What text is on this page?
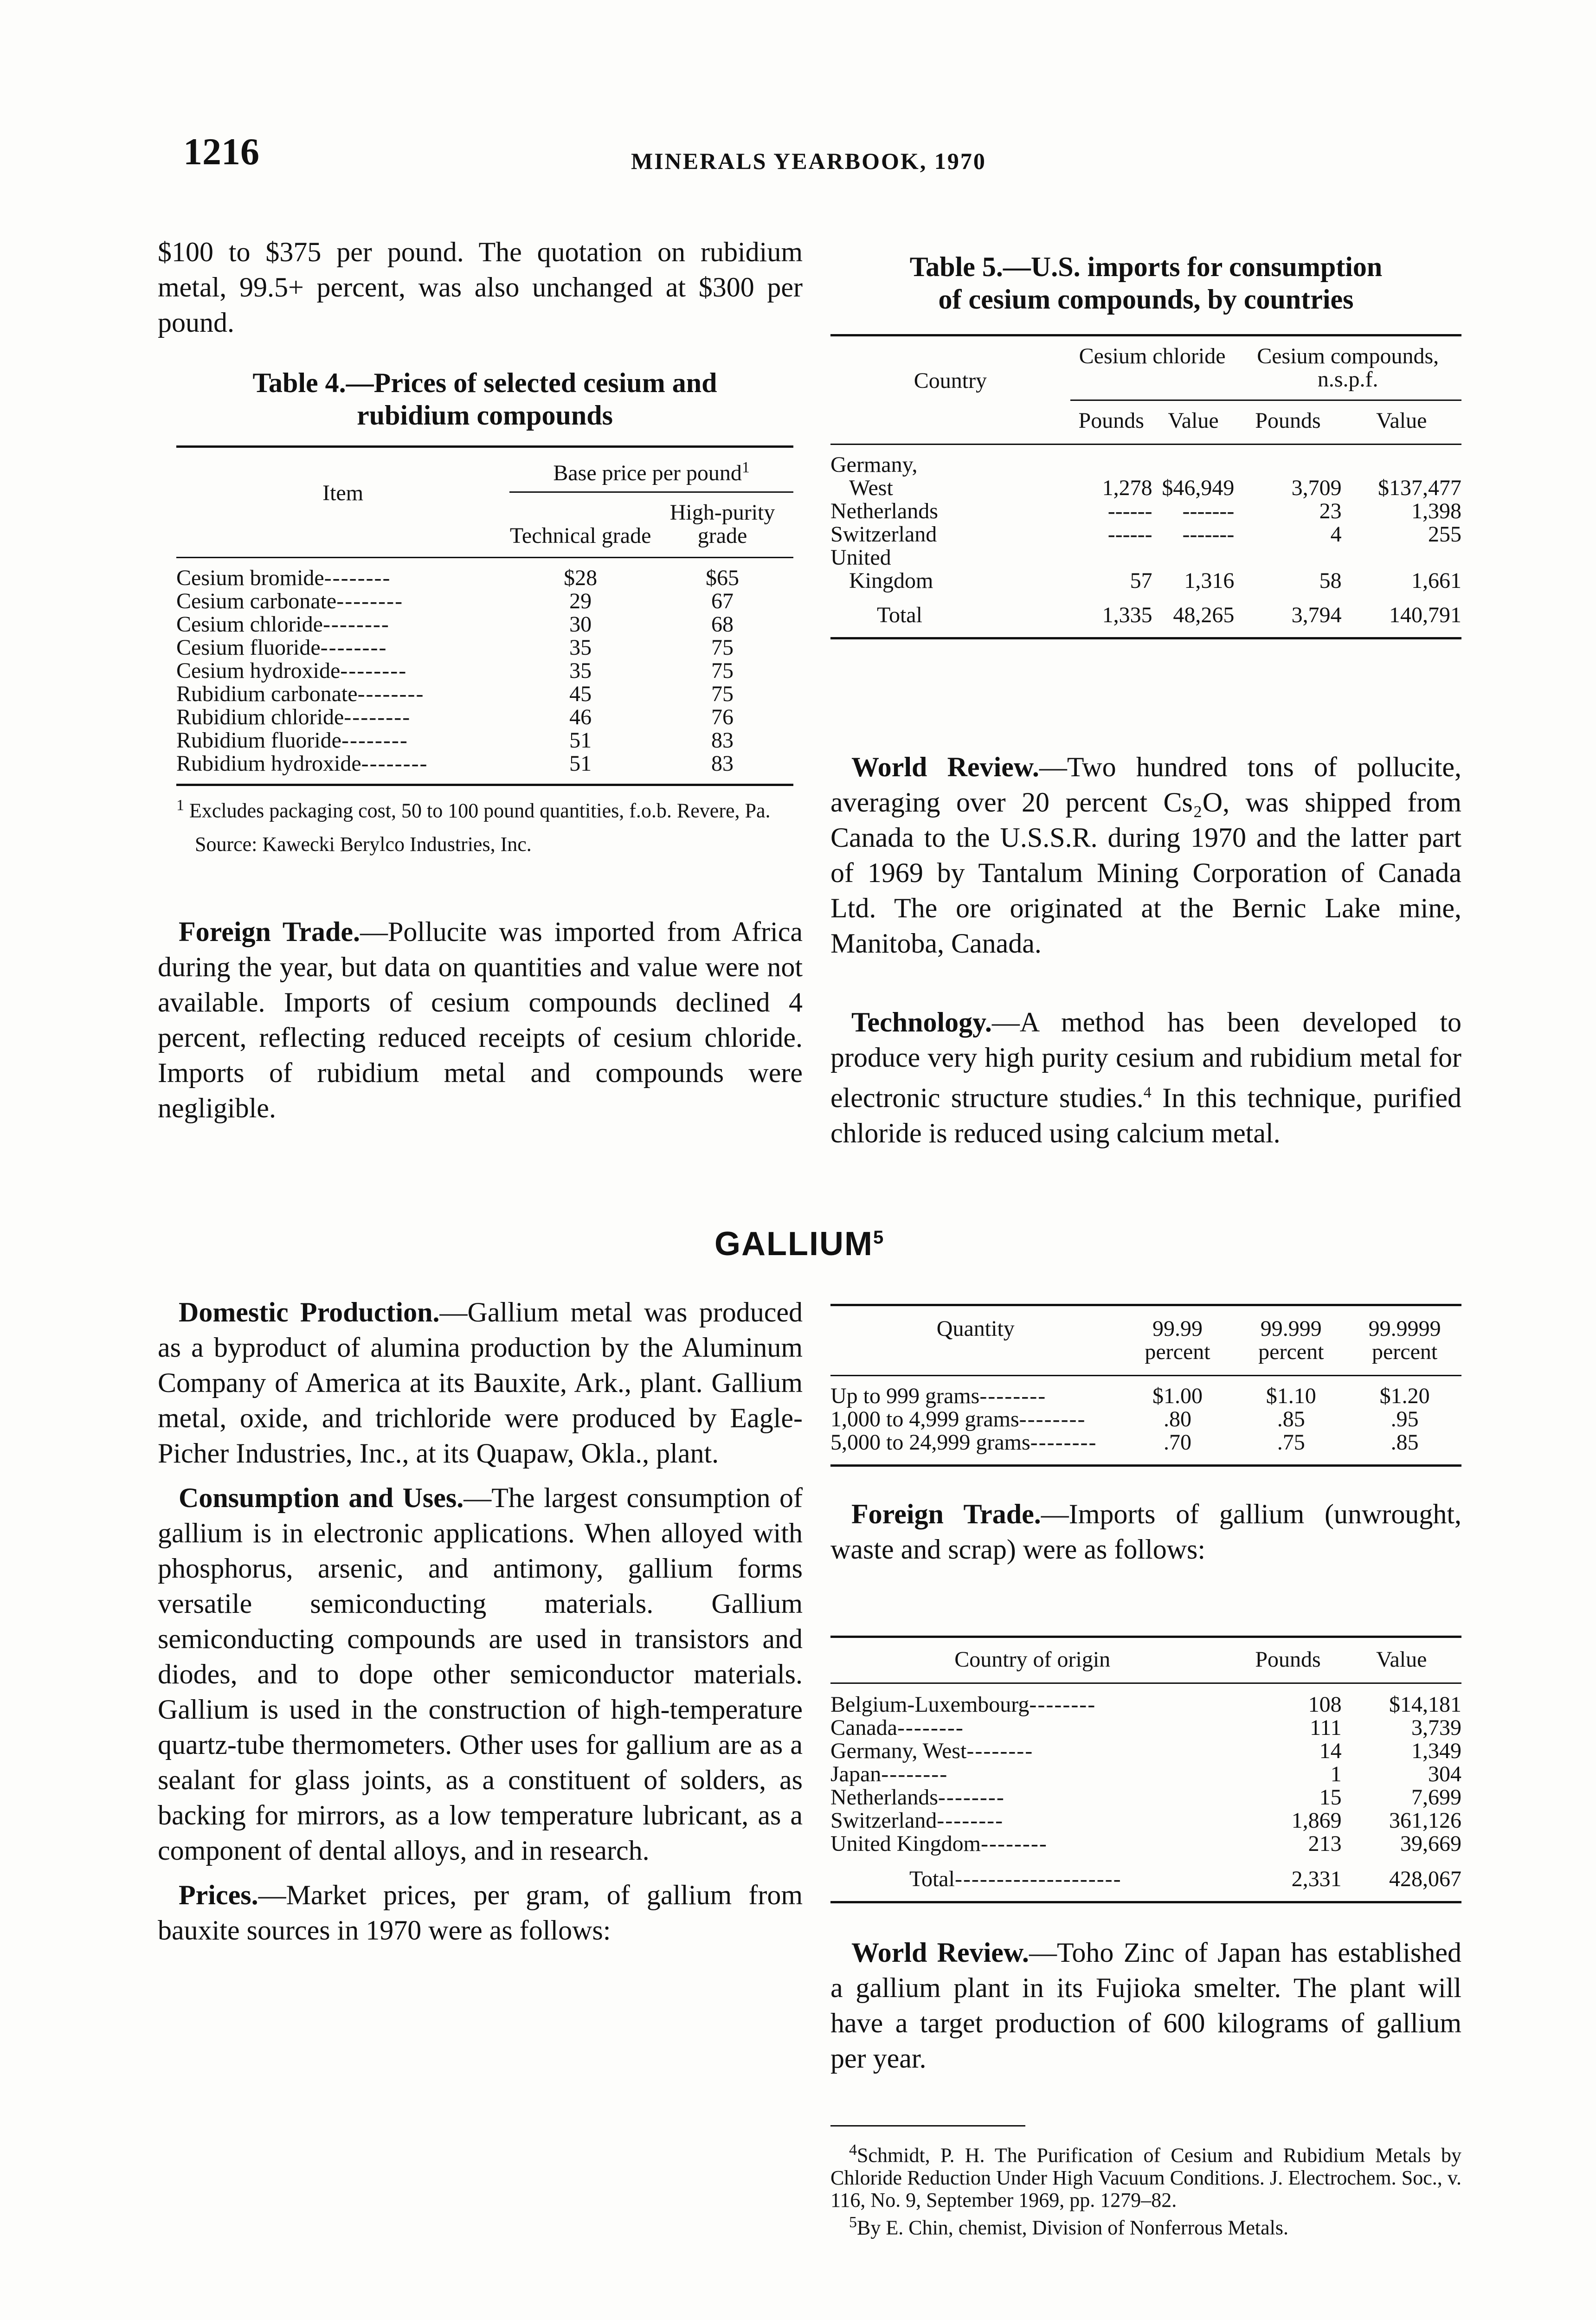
1216	MINERALS YEARBOOK, 1970

$100 to $375 per pound. The quotation on rubidium metal, 99.5+ percent, was also unchanged at $300 per pound.

Table 4.—Prices of selected cesium and
rubidium compounds

Item	Base price per pound$^1$
	Technical grade	High-purity grade
Cesium bromide--------	$28	$65
Cesium carbonate--------	29	67
Cesium chloride--------	30	68
Cesium fluoride--------	35	75
Cesium hydroxide--------	35	75
Rubidium carbonate--------	45	75
Rubidium chloride--------	46	76
Rubidium fluoride--------	51	83
Rubidium hydroxide--------	51	83

$^1$ Excludes packaging cost, 50 to 100 pound quantities, f.o.b. Revere, Pa.

Source: Kawecki Berylco Industries, Inc.

Foreign Trade.—Pollucite was imported from Africa during the year, but data on quantities and value were not available. Imports of cesium compounds declined 4 percent, reflecting reduced receipts of cesium chloride. Imports of rubidium metal and compounds were negligible.

Table 5.—U.S. imports for consumption
of cesium compounds, by countries

Country	Cesium chloride		Cesium compounds, n.s.p.f.	
	Pounds	Value	Pounds	Value
Germany,
West	1,278	$46,949	3,709	$137,477
Netherlands	------	-------	23	1,398
Switzerland	------	-------	4	255
United
Kingdom	57	1,316	58	1,661
Total	1,335	48,265	3,794	140,791

World Review.—Two hundred tons of pollucite, averaging over 20 percent Cs₂O, was shipped from Canada to the U.S.S.R. during 1970 and the latter part of 1969 by Tantalum Mining Corporation of Canada Ltd. The ore originated at the Bernic Lake mine, Manitoba, Canada.

Technology.—A method has been developed to produce very high purity cesium and rubidium metal for electronic structure studies.$^4$ In this technique, purified chloride is reduced using calcium metal.

GALLIUM$^5$

Domestic Production.—Gallium metal was produced as a byproduct of alumina production by the Aluminum Company of America at its Bauxite, Ark., plant. Gallium metal, oxide, and trichloride were produced by Eagle-Picher Industries, Inc., at its Quapaw, Okla., plant.

Consumption and Uses.—The largest consumption of gallium is in electronic applications. When alloyed with phosphorus, arsenic, and antimony, gallium forms versatile semiconducting materials. Gallium semiconducting compounds are used in transistors and diodes, and to dope other semiconductor materials. Gallium is used in the construction of high-temperature quartz-tube thermometers. Other uses for gallium are as a sealant for glass joints, as a constituent of solders, as backing for mirrors, as a low temperature lubricant, as a component of dental alloys, and in research.

Prices.—Market prices, per gram, of gallium from bauxite sources in 1970 were as follows:

Quantity	99.99 percent	99.999 percent	99.9999 percent
Up to 999 grams--------	$1.00	$1.10	$1.20
1,000 to 4,999 grams--------	.80	.85	.95
5,000 to 24,999 grams--------	.70	.75	.85

Foreign Trade.—Imports of gallium (unwrought, waste and scrap) were as follows:

Country of origin	Pounds	Value
Belgium-Luxembourg--------	108	$14,181
Canada--------	111	3,739
Germany, West--------	14	1,349
Japan--------	1	304
Netherlands--------	15	7,699
Switzerland--------	1,869	361,126
United Kingdom--------	213	39,669
Total--------------------	2,331	428,067

World Review.—Toho Zinc of Japan has established a gallium plant in its Fujioka smelter. The plant will have a target production of 600 kilograms of gallium per year.

$^4$Schmidt, P. H. The Purification of Cesium and Rubidium Metals by Chloride Reduction Under High Vacuum Conditions. J. Electrochem. Soc., v. 116, No. 9, September 1969, pp. 1279–82.

$^5$By E. Chin, chemist, Division of Nonferrous Metals.
